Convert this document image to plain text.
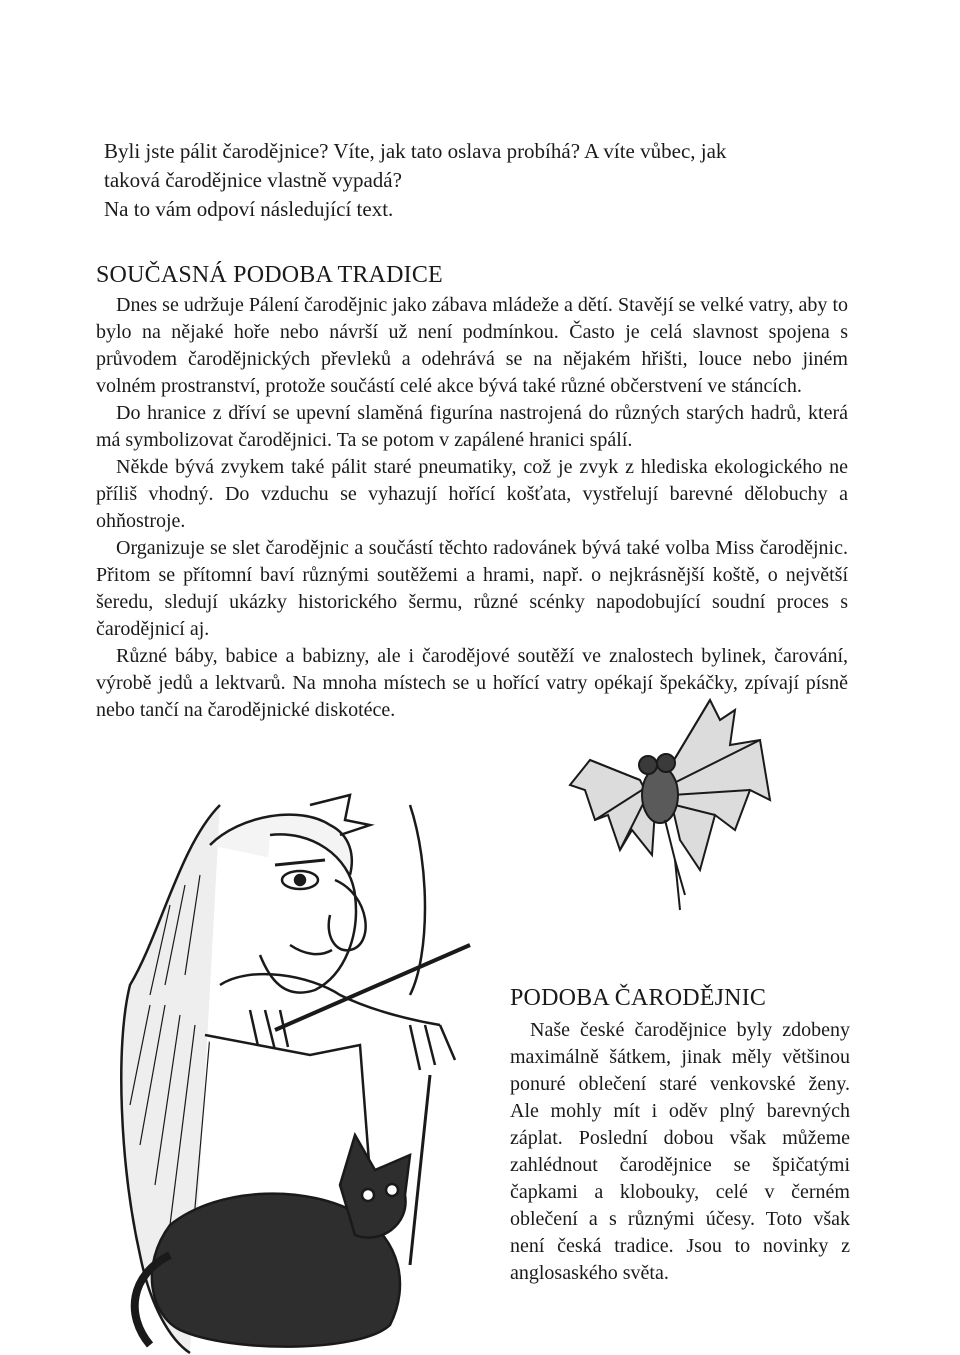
Byli jste pálit čarodějnice? Víte, jak tato oslava probíhá? A víte vůbec, jak

taková čarodějnice vlastně vypadá?

Na to vám odpoví následující text.

SOUČASNÁ PODOBA TRADICE

Dnes se udržuje Pálení čarodějnic jako zábava mládeže a dětí. Stavějí se velké vatry, aby to bylo na nějaké hoře nebo návrší už není podmínkou. Často je celá slavnost spojena s průvodem čarodějnických převleků a odehrává se na nějakém hřišti, louce nebo jiném volném prostranství, protože součástí celé akce bývá také různé občerstvení ve stáncích.

Do hranice z dříví se upevní slaměná figurína nastrojená do různých starých hadrů, která má symbolizovat čarodějnici. Ta se potom v zapálené hranici spálí.

Někde bývá zvykem také pálit staré pneumatiky, což je zvyk z hlediska ekologického ne příliš vhodný. Do vzduchu se vyhazují hořící košťata, vystřelují barevné dělobuchy a ohňostroje.

Organizuje se slet čarodějnic a součástí těchto radovánek bývá také volba Miss čarodějnic. Přitom se přítomní baví různými soutěžemi a hrami, např. o nejkrásnější koště, o největší šeredu, sledují ukázky historického šermu, různé scénky napodobující soudní proces s čarodějnicí aj.

Různé báby, babice a babizny, ale i čarodějové soutěží ve znalostech bylinek, čarování, výrobě jedů a lektvarů. Na mnoha místech se u hořící vatry opékají špekáčky, zpívají písně nebo tančí na čarodějnické diskotéce.

PODOBA ČARODĚJNIC

Naše české čarodějnice byly zdobeny maximálně šátkem, jinak měly většinou ponuré oblečení staré venkovské ženy. Ale mohly mít i oděv plný barevných záplat. Poslední dobou však můžeme zahlédnout čarodějnice se špičatými čapkami a klobouky, celé v černém oblečení a s různými účesy. Toto však není česká tradice. Jsou to novinky z anglosaského světa.
